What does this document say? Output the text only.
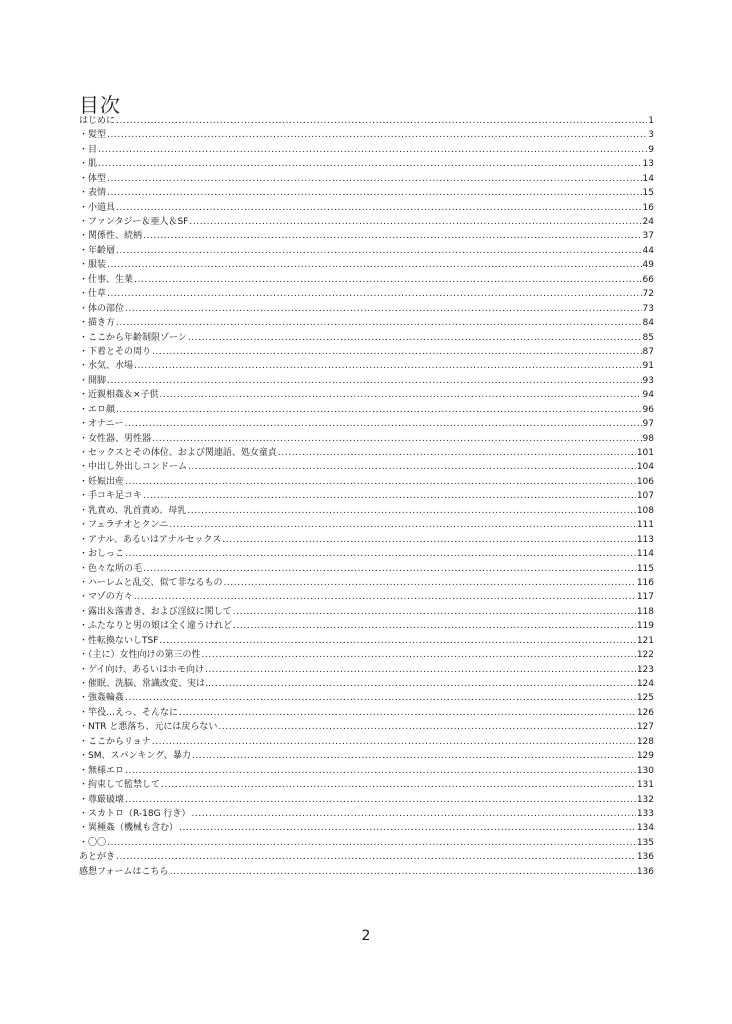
目次
はじめに .....	1
・髪型 .....	3
・目 .....	9
・肌 .....	13
・体型 .....	14
・表情 .....	15
・小道具 .....	16
・ファンタジー＆亜人＆SF .....	24
・関係性、続柄 .....	37
・年齢層 .....	44
・服装 .....	49
・仕事、生業 .....	66
・仕草 .....	72
・体の部位 .....	73
・描き方 .....	84
・ここから年齢制限ゾーン .....	85
・下着とその周り .....	87
・水気、水場 .....	91
・開脚 .....	93
・近親相姦＆×子供 .....	94
・エロ顔 .....	96
・オナニー .....	97
・女性器、男性器 .....	98
・セックスとその体位、および関連語、処女童貞 .....	101
・中出し外出しコンドーム .....	104
・妊娠出産 .....	106
・手コキ足コキ .....	107
・乳責め、乳首責め、母乳 .....	108
・フェラチオとクンニ .....	111
・アナル、あるいはアナルセックス .....	113
・おしっこ .....	114
・色々な所の毛 .....	115
・ハーレムと乱交、似て非なるもの .....	116
・マゾの方々 .....	117
・露出＆落書き、および淫紋に関して .....	118
・ふたなりと男の娘は全く違うけれど .....	119
・性転換ないしTSF .....	121
・（主に）女性向けの第三の性 .....	122
・ゲイ向け、あるいはホモ向け .....	123
・催眠、洗脳、常識改変、実は… .....	124
・強姦輪姦 .....	125
・竿役…えっ、そんなに .....	126
・NTR と悪落ち、元には戻らない .....	127
・ここからリョナ .....	128
・SM、スパンキング、暴力 .....	129
・無様エロ .....	130
・拘束して監禁して .....	131
・尊厳破壊 .....	132
・スカトロ（R-18G 行き） .....	133
・異種姦（機械も含む） .....	134
・〇〇 .....	135
あとがき .....	136
感想フォームはこちら .....	136
2
